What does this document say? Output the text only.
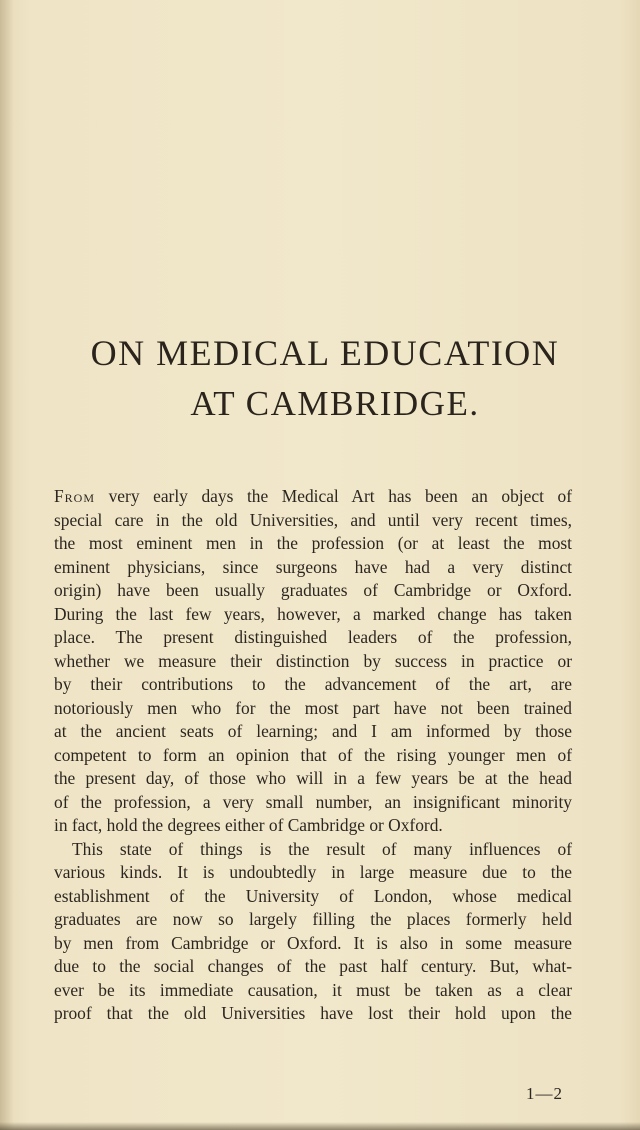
ON MEDICAL EDUCATION
AT CAMBRIDGE.
From very early days the Medical Art has been an object of
special care in the old Universities, and until very recent times,
the most eminent men in the profession (or at least the most
eminent physicians, since surgeons have had a very distinct
origin) have been usually graduates of Cambridge or Oxford.
During the last few years, however, a marked change has taken
place. The present distinguished leaders of the profession,
whether we measure their distinction by success in practice or
by their contributions to the advancement of the art, are
notoriously men who for the most part have not been trained
at the ancient seats of learning; and I am informed by those
competent to form an opinion that of the rising younger men of
the present day, of those who will in a few years be at the head
of the profession, a very small number, an insignificant minority
in fact, hold the degrees either of Cambridge or Oxford.
This state of things is the result of many influences of
various kinds. It is undoubtedly in large measure due to the
establishment of the University of London, whose medical
graduates are now so largely filling the places formerly held
by men from Cambridge or Oxford. It is also in some measure
due to the social changes of the past half century. But, what-
ever be its immediate causation, it must be taken as a clear
proof that the old Universities have lost their hold upon the
1—2
